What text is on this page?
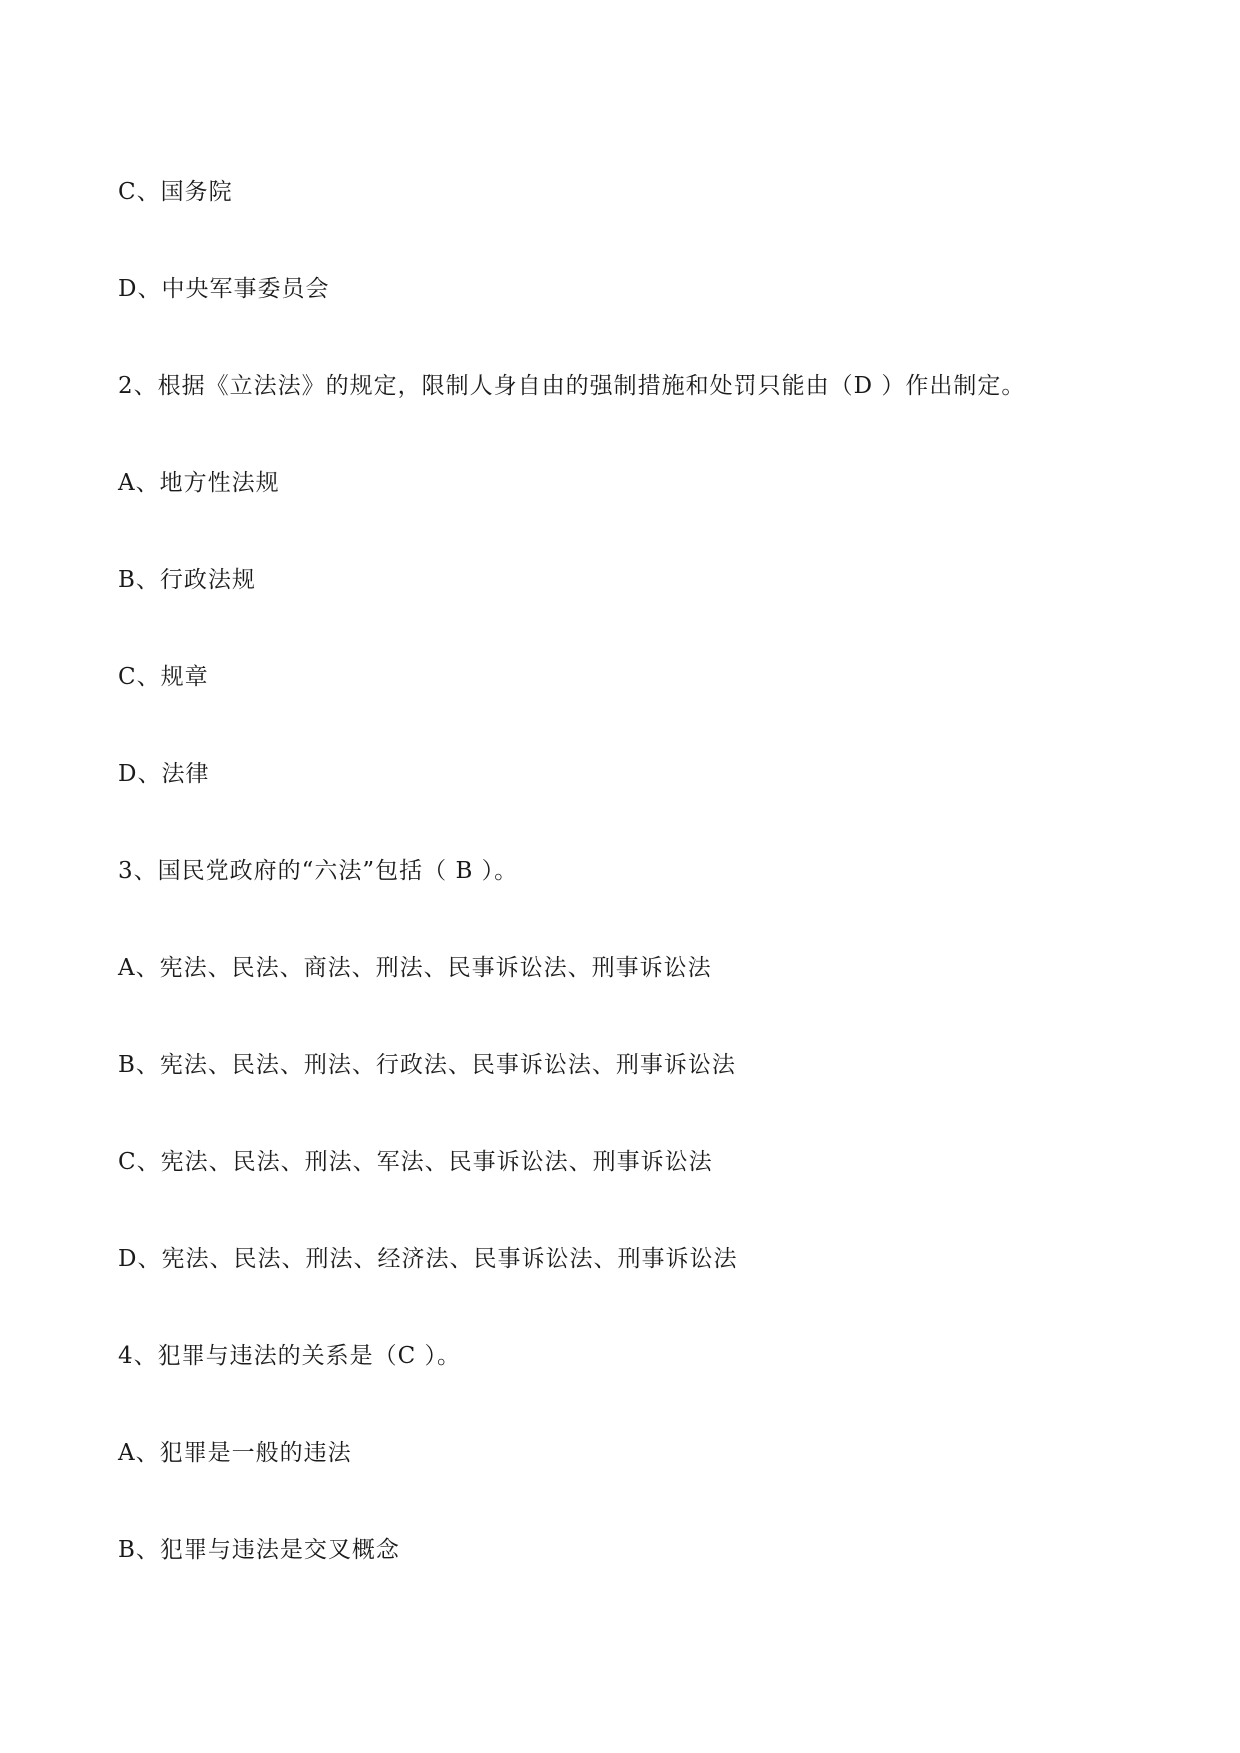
C、国务院
D、中央军事委员会
2、根据《立法法》的规定，限制人身自由的强制措施和处罚只能由（D ）作出制定。
A、地方性法规
B、行政法规
C、规章
D、法律
3、国民党政府的“六法”包括（ B ）。
A、宪法、民法、商法、刑法、民事诉讼法、刑事诉讼法
B、宪法、民法、刑法、行政法、民事诉讼法、刑事诉讼法
C、宪法、民法、刑法、军法、民事诉讼法、刑事诉讼法
D、宪法、民法、刑法、经济法、民事诉讼法、刑事诉讼法
4、犯罪与违法的关系是（C ）。
A、犯罪是一般的违法
B、犯罪与违法是交叉概念
